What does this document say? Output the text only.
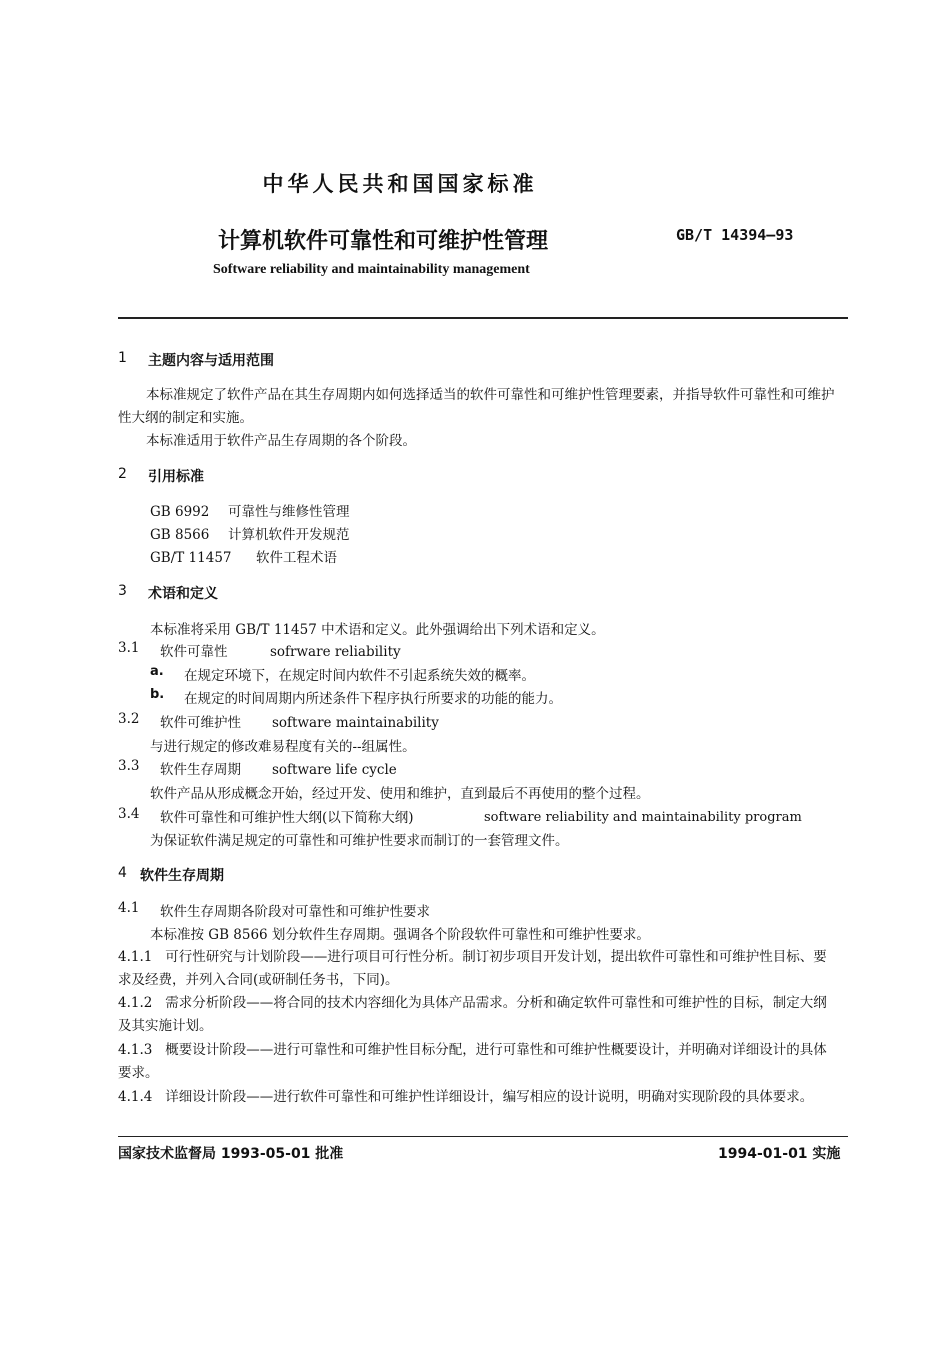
中华人民共和国国家标准
计算机软件可靠性和可维护性管理	GB/T 14394—93
Software reliability and maintainability management
1 主题内容与适用范围
本标准规定了软件产品在其生存周期内如何选择适当的软件可靠性和可维护性管理要素，并指导软件可靠性和可维护性大纲的制定和实施。
本标准适用于软件产品生存周期的各个阶段。
2 引用标准
GB 6992 可靠性与维修性管理
GB 8566 计算机软件开发规范
GB/T 11457 软件工程术语
3 术语和定义
本标准将采用 GB/T 11457 中术语和定义。此外强调给出下列术语和定义。
3.1 软件可靠性	sofrware reliability
a. 在规定环境下，在规定时间内软件不引起系统失效的概率。
b. 在规定的时间周期内所述条件下程序执行所要求的功能的能力。
3.2 软件可维护性 software maintainability
与进行规定的修改难易程度有关的--组属性。
3.3 软件生存周期 software life cycle
软件产品从形成概念开始，经过开发、使用和维护，直到最后不再使用的整个过程。
3.4 软件可靠性和可维护性大纲(以下简称大纲)	software reliability and maintainability program
为保证软件满足规定的可靠性和可维护性要求而制订的一套管理文件。
4 软件生存周期
4.1 软件生存周期各阶段对可靠性和可维护性要求
本标准按 GB 8566 划分软件生存周期。强调各个阶段软件可靠性和可维护性要求。
4.1.1 可行性研究与计划阶段——进行项目可行性分析。制订初步项目开发计划，提出软件可靠性和可维护性目标、要求及经费，并列入合同(或研制任务书，下同)。
4.1.2 需求分析阶段——将合同的技术内容细化为具体产品需求。分析和确定软件可靠性和可维护性的目标，制定大纲及其实施计划。
4.1.3 概要设计阶段——进行可靠性和可维护性目标分配，进行可靠性和可维护性概要设计，并明确对详细设计的具体要求。
4.1.4 详细设计阶段——进行软件可靠性和可维护性详细设计，编写相应的设计说明，明确对实现阶段的具体要求。
国家技术监督局 1993-05-01 批准	1994-01-01 实施
